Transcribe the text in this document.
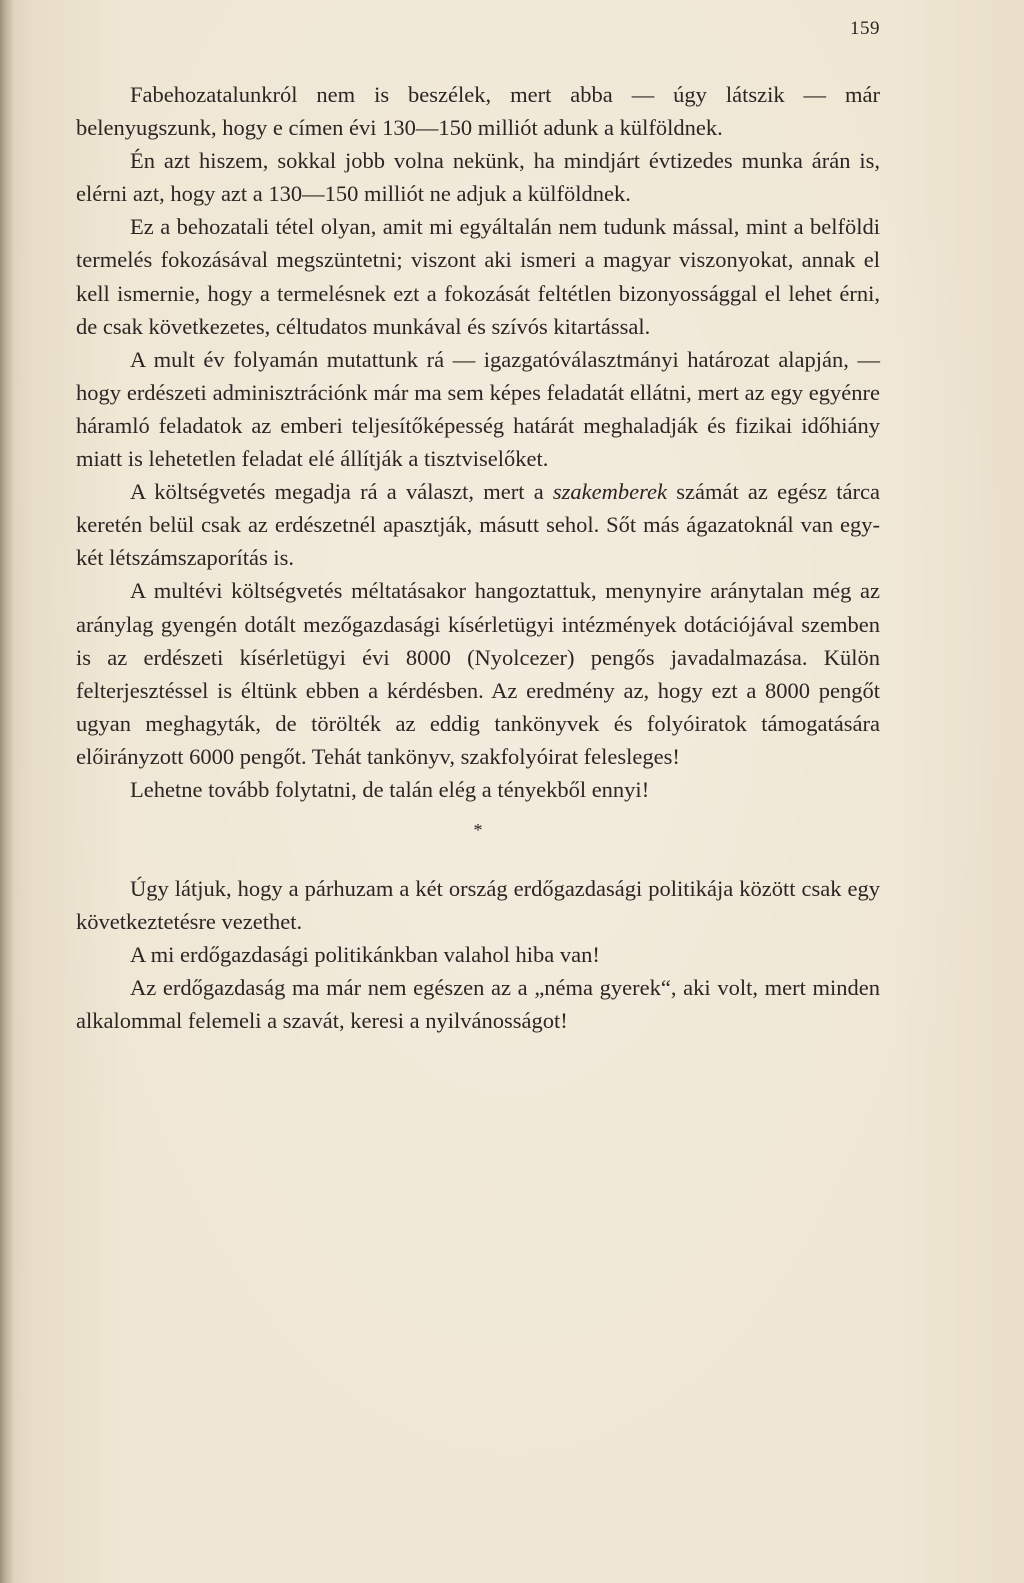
159

Fabehozatalunkról nem is beszélek, mert abba — úgy látszik — már belenyugszunk, hogy e címen évi 130—150 milliót adunk a külföldnek.

Én azt hiszem, sokkal jobb volna nekünk, ha mindjárt évtizedes munka árán is, elérni azt, hogy azt a 130—150 milliót ne adjuk a külföldnek.

Ez a behozatali tétel olyan, amit mi egyáltalán nem tudunk mással, mint a belföldi termelés fokozásával megszüntetni; viszont aki ismeri a magyar viszonyokat, annak el kell ismernie, hogy a termelésnek ezt a fokozását feltétlen bizonyossággal el lehet érni, de csak következetes, céltudatos munkával és szívós kitartással.

A mult év folyamán mutattunk rá — igazgatóválasztmányi határozat alapján, — hogy erdészeti adminisztrációnk már ma sem képes feladatát ellátni, mert az egy egyénre háramló feladatok az emberi teljesítőképesség határát meghaladják és fizikai időhiány miatt is lehetetlen feladat elé állítják a tisztviselőket.

A költségvetés megadja rá a választ, mert a szakemberek számát az egész tárca keretén belül csak az erdészetnél apasztják, másutt sehol. Sőt más ágazatoknál van egy-két létszámszaporítás is.

A multévi költségvetés méltatásakor hangoztattuk, menynyire aránytalan még az aránylag gyengén dotált mezőgazdasági kísérletügyi intézmények dotációjával szemben is az erdészeti kísérletügyi évi 8000 (Nyolcezer) pengős javadalmazása. Külön felterjesztéssel is éltünk ebben a kérdésben. Az eredmény az, hogy ezt a 8000 pengőt ugyan meghagyták, de törölték az eddig tankönyvek és folyóiratok támogatására előirányzott 6000 pengőt. Tehát tankönyv, szakfolyóirat felesleges!

Lehetne tovább folytatni, de talán elég a tényekből ennyi!

*

Úgy látjuk, hogy a párhuzam a két ország erdőgazdasági politikája között csak egy következtetésre vezethet.

A mi erdőgazdasági politikánkban valahol hiba van!

Az erdőgazdaság ma már nem egészen az a „néma gyerek“, aki volt, mert minden alkalommal felemeli a szavát, keresi a nyilvánosságot!
